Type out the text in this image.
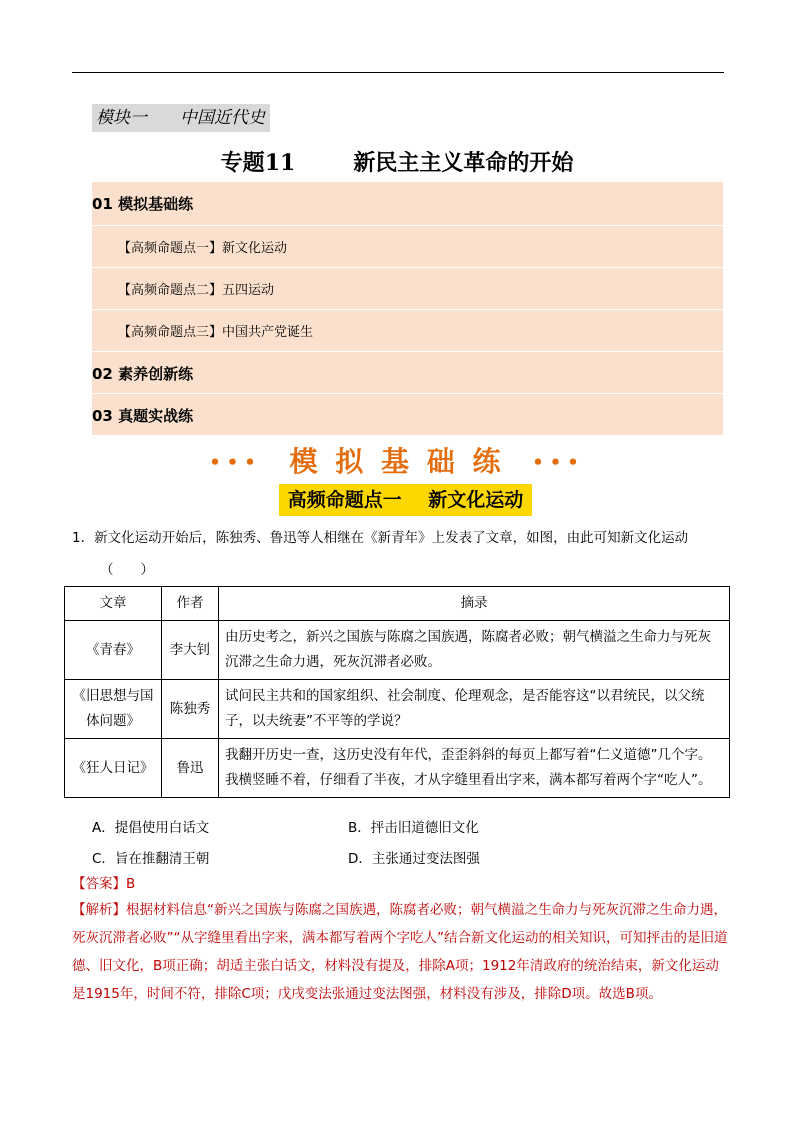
模块一 中国近代史
专题11	新民主主义革命的开始
01 模拟基础练
【高频命题点一】新文化运动
【高频命题点二】五四运动
【高频命题点三】中国共产党诞生
02 素养创新练
03 真题实战练
••• 模 拟 基 础 练 •••
高频命题点一    新文化运动
1．新文化运动开始后，陈独秀、鲁迅等人相继在《新青年》上发表了文章，如图，由此可知新文化运动
（　　）
文章	作者	摘录
《青春》	李大钊	由历史考之，新兴之国族与陈腐之国族遇，陈腐者必败；朝气横溢之生命力与死灰沉滞之生命力遇，死灰沉滞者必败。
《旧思想与国体问题》	陈独秀	试问民主共和的国家组织、社会制度、伦理观念，是否能容这“以君统民，以父统子，以夫统妻”不平等的学说？
《狂人日记》	鲁迅	我翻开历史一查，这历史没有年代，歪歪斜斜的每页上都写着“仁义道德”几个字。我横竖睡不着，仔细看了半夜，才从字缝里看出字来，满本都写着两个字“吃人”。
A．提倡使用白话文	B．抨击旧道德旧文化
C．旨在推翻清王朝	D．主张通过变法图强
【答案】B
【解析】根据材料信息“新兴之国族与陈腐之国族遇，陈腐者必败；朝气横溢之生命力与死灰沉滞之生命力遇，死灰沉滞者必败”“从字缝里看出字来，满本都写着两个字吃人”结合新文化运动的相关知识，可知抨击的是旧道德、旧文化，B项正确；胡适主张白话文，材料没有提及，排除A项；1912年清政府的统治结束，新文化运动是1915年，时间不符，排除C项；戊戌变法张通过变法图强，材料没有涉及，排除D项。故选B项。
